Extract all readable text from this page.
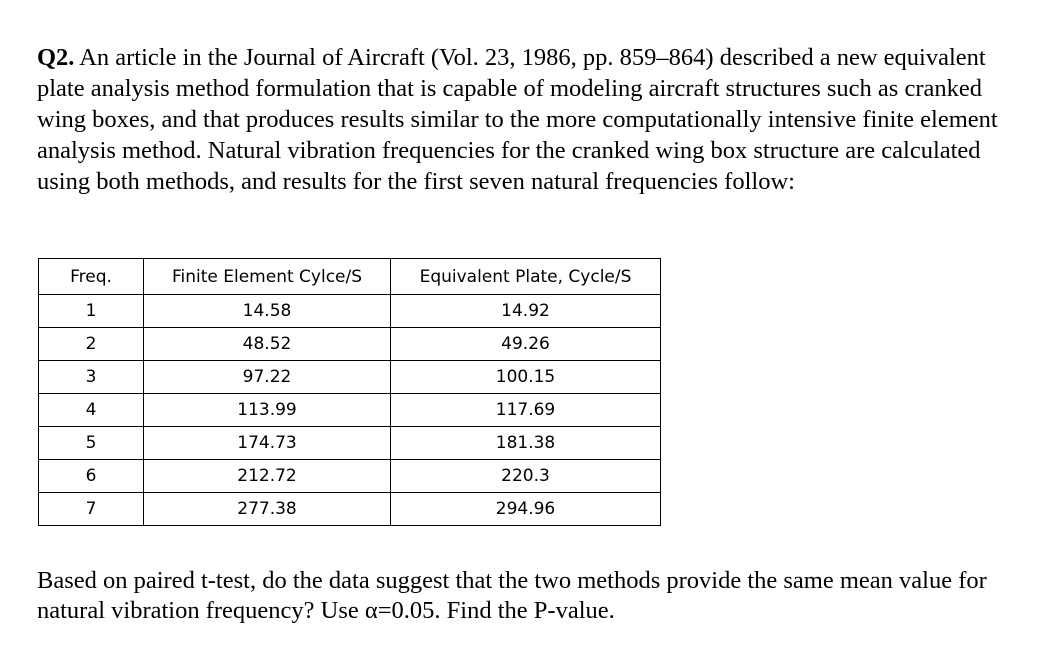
Q2. An article in the Journal of Aircraft (Vol. 23, 1986, pp. 859–864) described a new equivalent plate analysis method formulation that is capable of modeling aircraft structures such as cranked wing boxes, and that produces results similar to the more computationally intensive finite element analysis method. Natural vibration frequencies for the cranked wing box structure are calculated using both methods, and results for the first seven natural frequencies follow:

Freq.	Finite Element Cylce/S	Equivalent Plate, Cycle/S
1	14.58	14.92
2	48.52	49.26
3	97.22	100.15
4	113.99	117.69
5	174.73	181.38
6	212.72	220.3
7	277.38	294.96

Based on paired t-test, do the data suggest that the two methods provide the same mean value for natural vibration frequency? Use α=0.05. Find the P-value.
